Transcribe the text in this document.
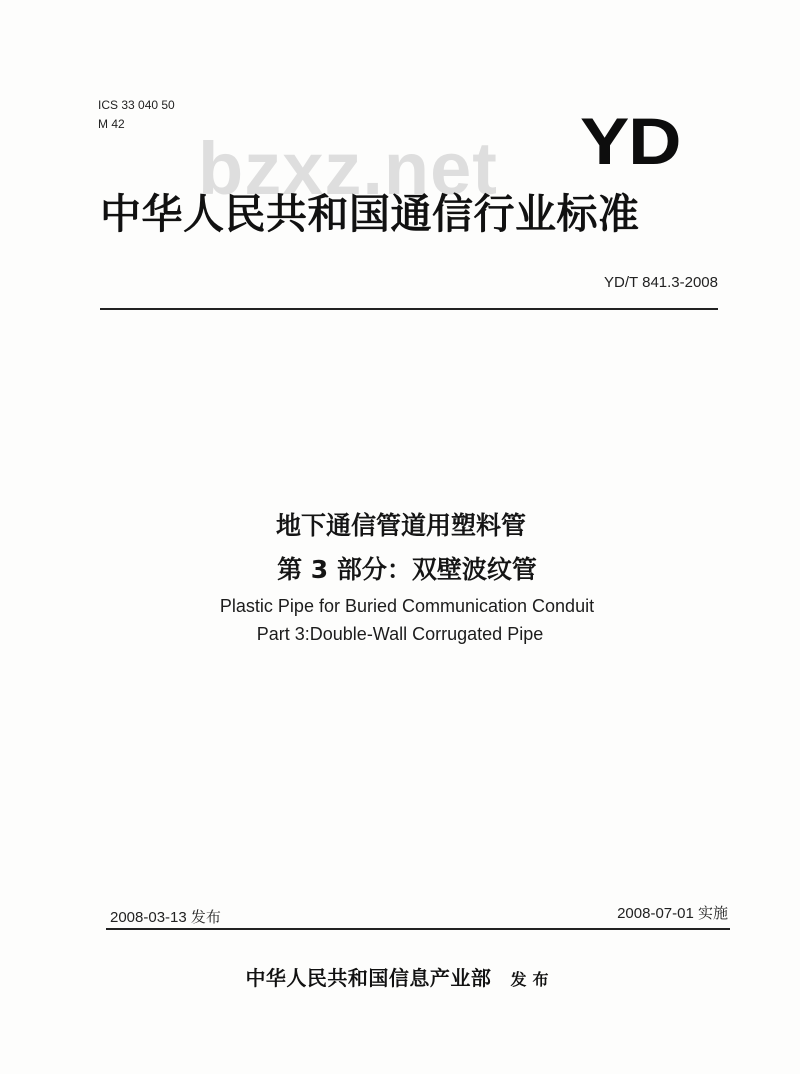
ICS 33 040 50
M 42
bzxz.net YD
中华人民共和国通信行业标准
YD/T 841.3-2008
地下通信管道用塑料管
第 3 部分：双壁波纹管
Plastic Pipe for Buried Communication Conduit
Part 3:Double-Wall Corrugated Pipe
2008-03-13 发布	2008-07-01 实施
中华人民共和国信息产业部 发布
